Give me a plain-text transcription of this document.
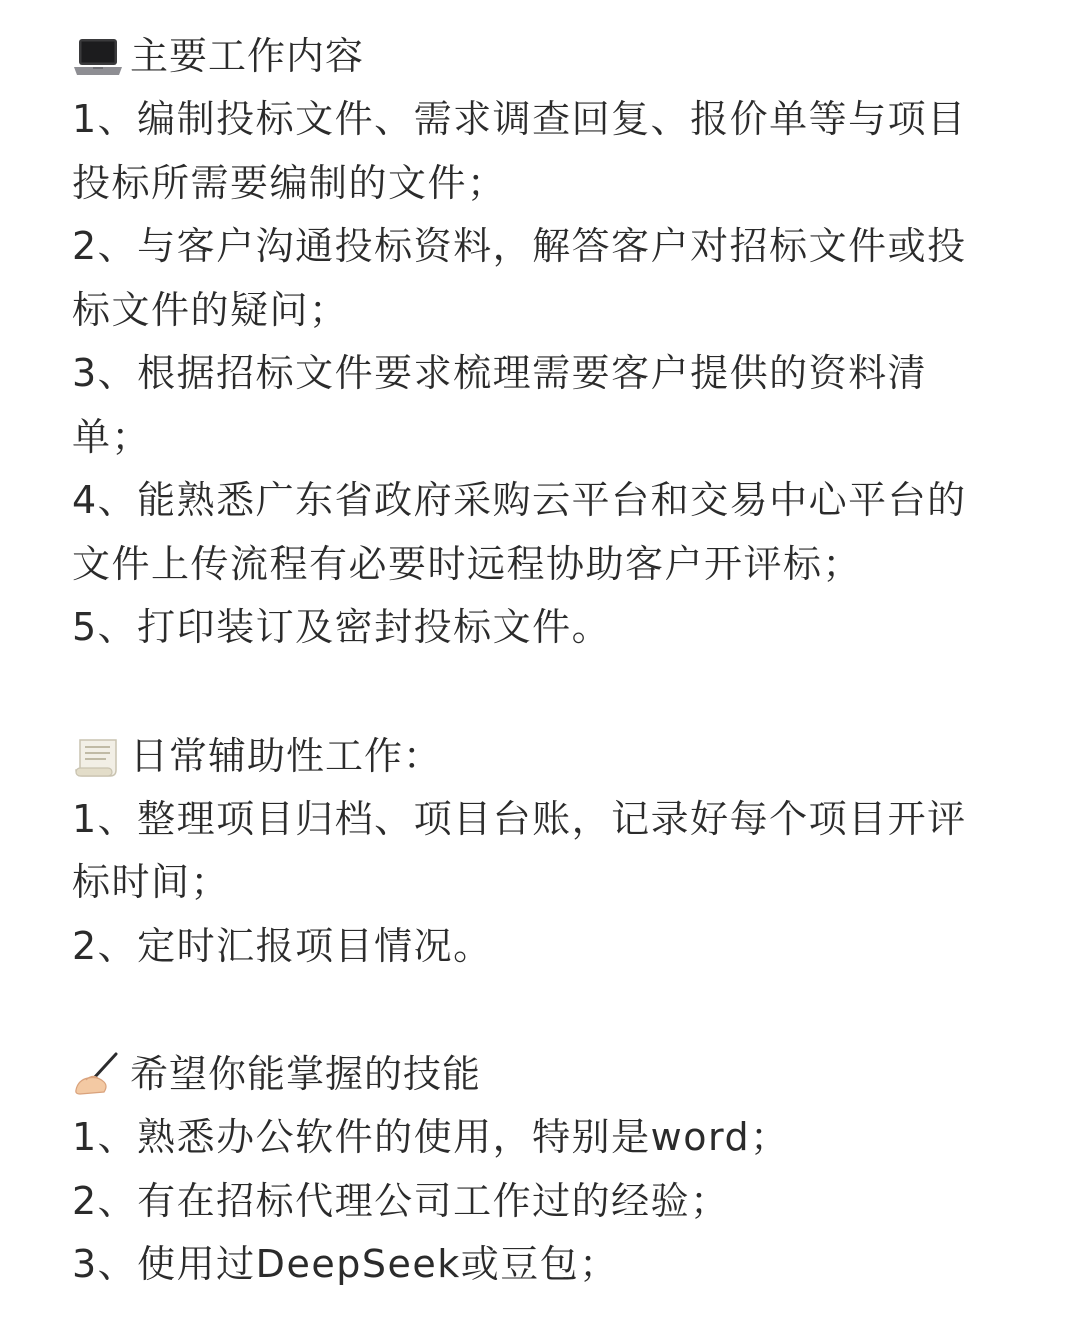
主要工作内容
1、编制投标文件、需求调查回复、报价单等与项目
投标所需要编制的文件；
2、与客户沟通投标资料，解答客户对招标文件或投
标文件的疑问；
3、根据招标文件要求梳理需要客户提供的资料清
单；
4、能熟悉广东省政府采购云平台和交易中心平台的
文件上传流程有必要时远程协助客户开评标；
5、打印装订及密封投标文件。
日常辅助性工作：
1、整理项目归档、项目台账，记录好每个项目开评
标时间；
2、定时汇报项目情况。
希望你能掌握的技能
1、熟悉办公软件的使用，特别是word；
2、有在招标代理公司工作过的经验；
3、使用过DeepSeek或豆包；
